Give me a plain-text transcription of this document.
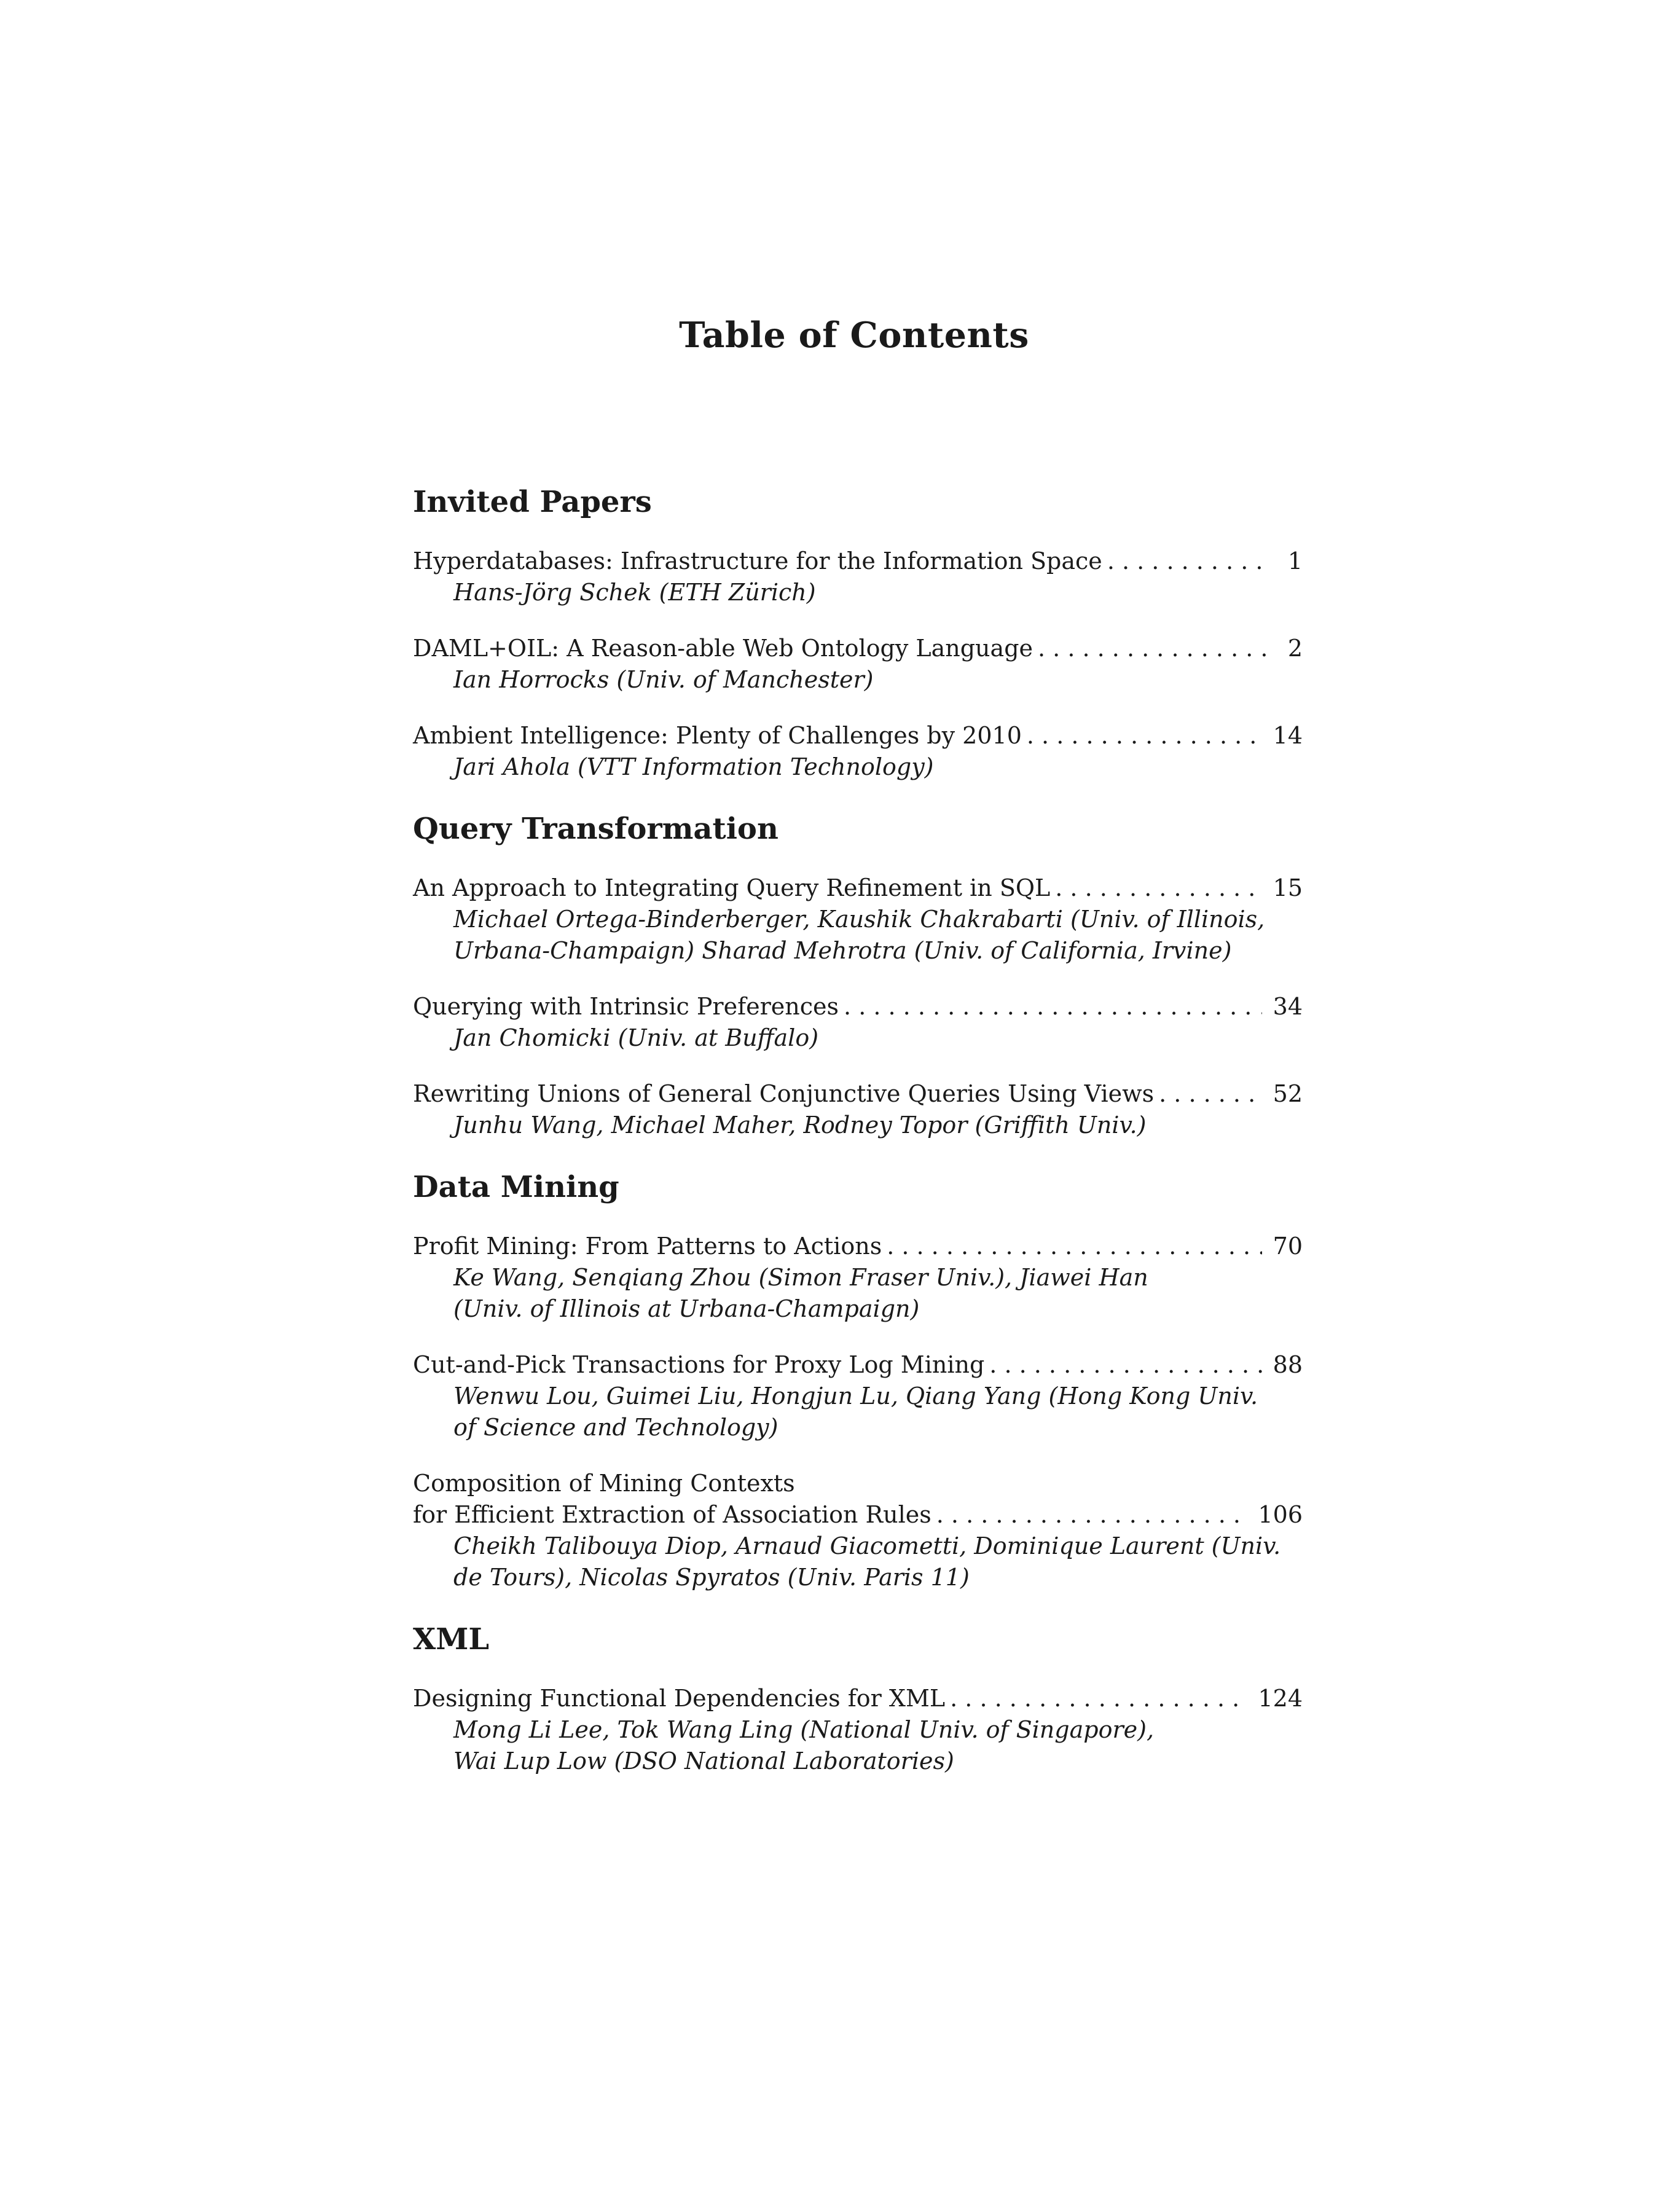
Table of Contents
Invited Papers
Hyperdatabases: Infrastructure for the Information Space . . .	1
Hans-Jörg Schek (ETH Zürich)
DAML+OIL: A Reason-able Web Ontology Language . . .	2
Ian Horrocks (Univ. of Manchester)
Ambient Intelligence: Plenty of Challenges by 2010 . . .	14
Jari Ahola (VTT Information Technology)
Query Transformation
An Approach to Integrating Query Refinement in SQL . . .	15
Michael Ortega-Binderberger, Kaushik Chakrabarti (Univ. of Illinois,
Urbana-Champaign) Sharad Mehrotra (Univ. of California, Irvine)
Querying with Intrinsic Preferences . . .	34
Jan Chomicki (Univ. at Buffalo)
Rewriting Unions of General Conjunctive Queries Using Views . . .	52
Junhu Wang, Michael Maher, Rodney Topor (Griffith Univ.)
Data Mining
Profit Mining: From Patterns to Actions . . .	70
Ke Wang, Senqiang Zhou (Simon Fraser Univ.), Jiawei Han
(Univ. of Illinois at Urbana-Champaign)
Cut-and-Pick Transactions for Proxy Log Mining . . .	88
Wenwu Lou, Guimei Liu, Hongjun Lu, Qiang Yang (Hong Kong Univ.
of Science and Technology)
Composition of Mining Contexts
for Efficient Extraction of Association Rules . . .	106
Cheikh Talibouya Diop, Arnaud Giacometti, Dominique Laurent (Univ.
de Tours), Nicolas Spyratos (Univ. Paris 11)
XML
Designing Functional Dependencies for XML . . .	124
Mong Li Lee, Tok Wang Ling (National Univ. of Singapore),
Wai Lup Low (DSO National Laboratories)
